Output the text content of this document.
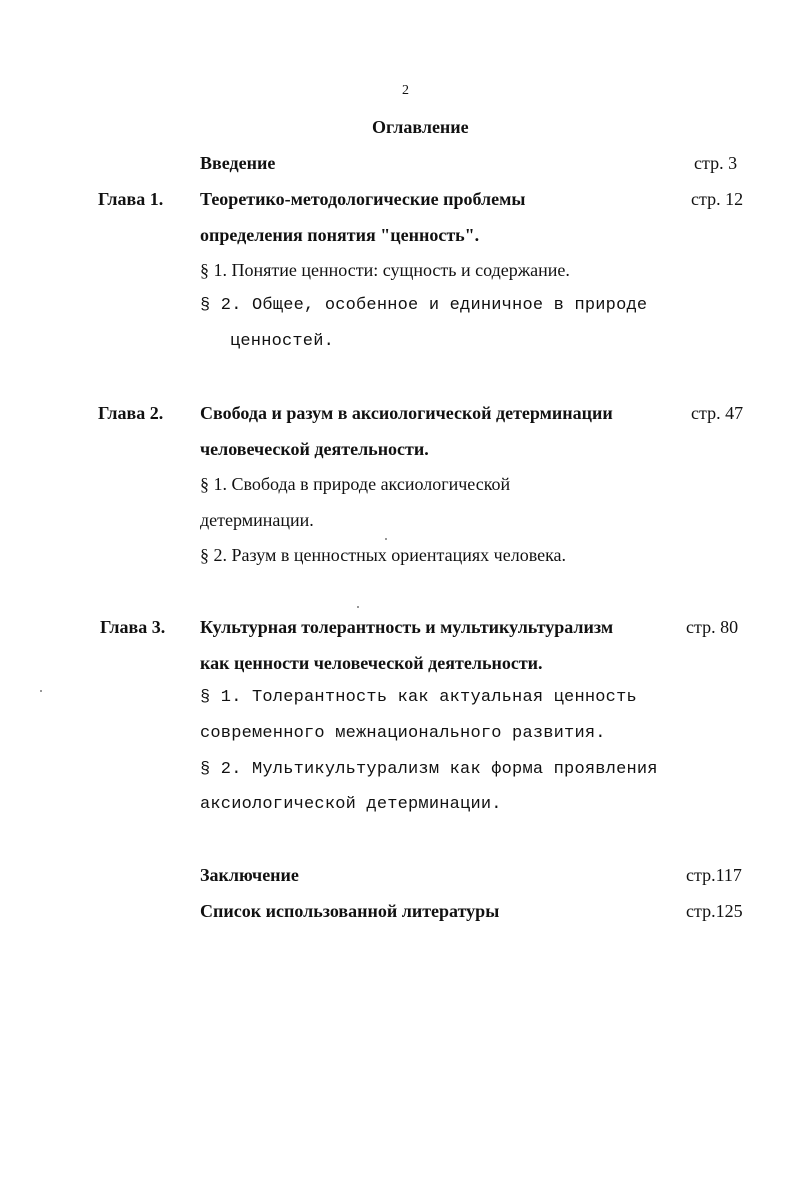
2
Оглавление
Введение	стр. 3
Глава 1. Теоретико-методологические проблемы	стр. 12
определения понятия "ценность".
§ 1. Понятие ценности: сущность и содержание.
§ 2. Общее, особенное и единичное в природе
ценностей.
Глава 2. Свобода и разум в аксиологической детерминации	стр. 47
человеческой деятельности.
§ 1. Свобода в природе аксиологической
детерминации.
§ 2. Разум в ценностных ориентациях человека.
Глава 3. Культурная толерантность и мультикультурализм	стр. 80
как ценности человеческой деятельности.
§ 1. Толерантность как актуальная ценность
современного межнационального развития.
§ 2. Мультикультурализм как форма проявления
аксиологической детерминации.
Заключение	стр.117
Список использованной литературы	стр.125
